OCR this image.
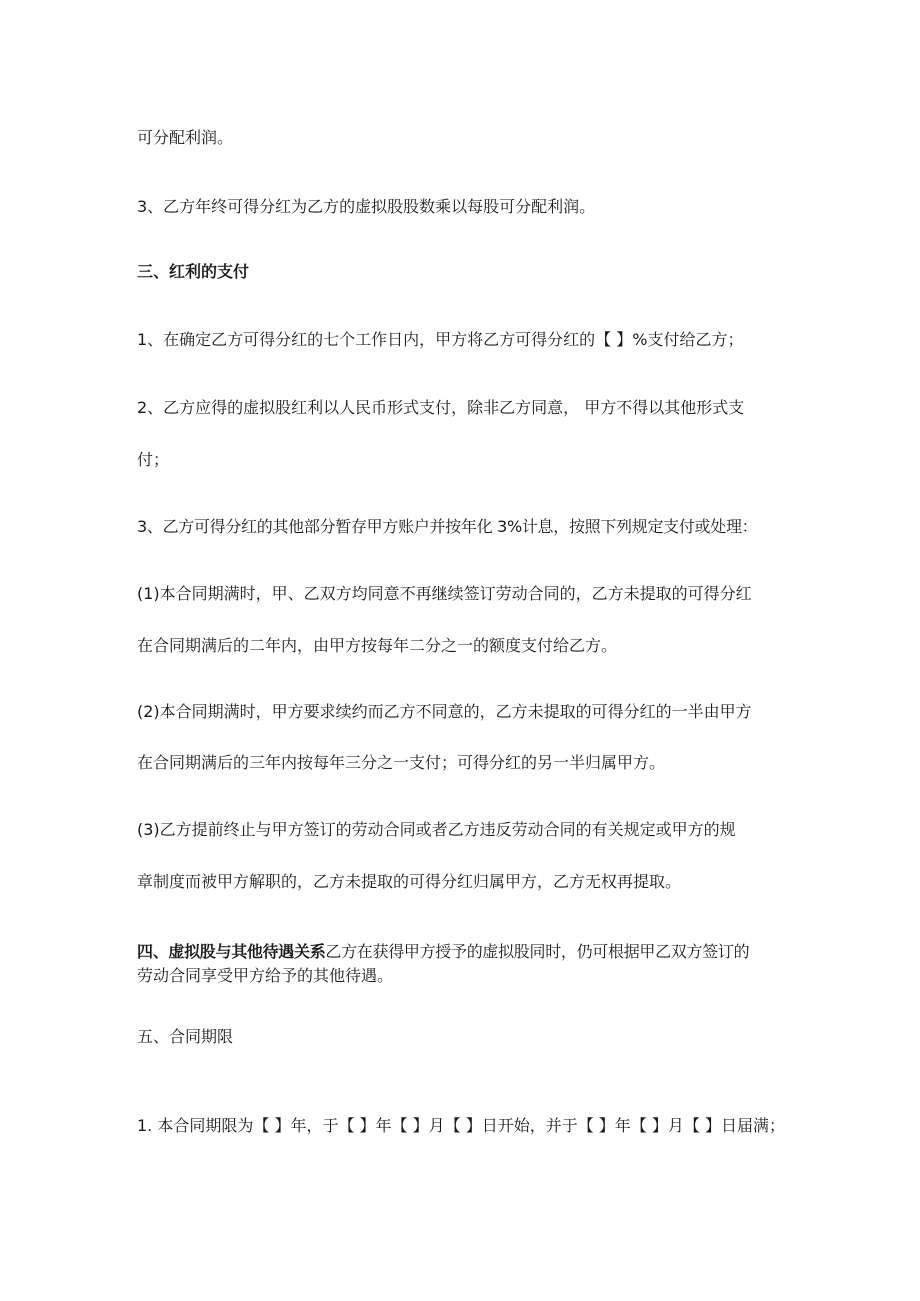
可分配利润。
3、乙方年终可得分红为乙方的虚拟股股数乘以每股可分配利润。
三、红利的支付
1、在确定乙方可得分红的七个工作日内，甲方将乙方可得分红的【 】%支付给乙方；
2、乙方应得的虚拟股红利以人民币形式支付，除非乙方同意， 甲方不得以其他形式支
付；
3、乙方可得分红的其他部分暂存甲方账户并按年化 3%计息，按照下列规定支付或处理：
(1)本合同期满时，甲、乙双方均同意不再继续签订劳动合同的，乙方未提取的可得分红
在合同期满后的二年内，由甲方按每年二分之一的额度支付给乙方。
(2)本合同期满时，甲方要求续约而乙方不同意的，乙方未提取的可得分红的一半由甲方
在合同期满后的三年内按每年三分之一支付；可得分红的另一半归属甲方。
(3)乙方提前终止与甲方签订的劳动合同或者乙方违反劳动合同的有关规定或甲方的规
章制度而被甲方解职的，乙方未提取的可得分红归属甲方，乙方无权再提取。
四、虚拟股与其他待遇关系乙方在获得甲方授予的虚拟股同时，仍可根据甲乙双方签订的
劳动合同享受甲方给予的其他待遇。
五、合同期限
1. 本合同期限为【 】年，于【 】年【 】月【 】日开始，并于【 】年【 】月【 】日届满；
